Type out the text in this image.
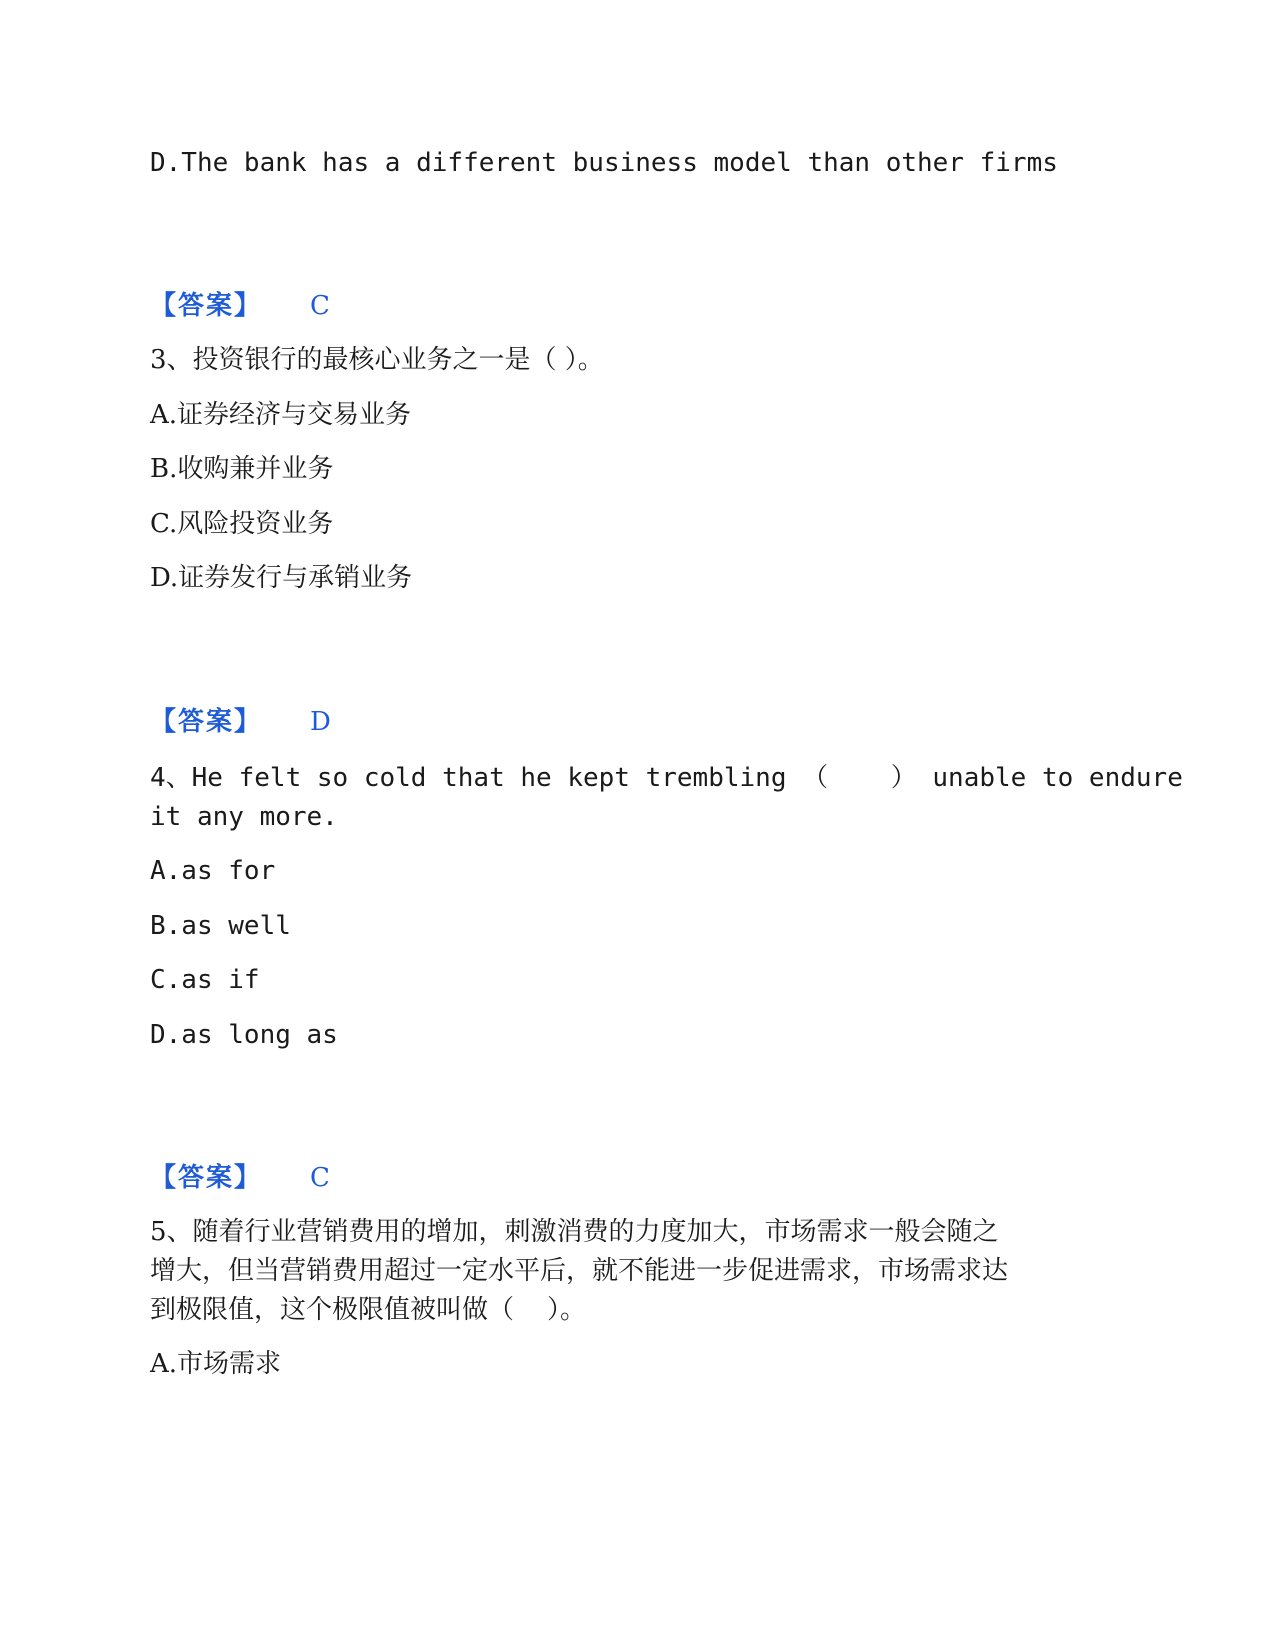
D.The bank has a different business model than other firms

【答案】 C

3、投资银行的最核心业务之一是（ ）。

A.证券经济与交易业务

B.收购兼并业务

C.风险投资业务

D.证券发行与承销业务

【答案】 D

4、He felt so cold that he kept trembling （    ） unable to endure

it any more.

A.as for

B.as well

C.as if

D.as long as

【答案】 C

5、随着行业营销费用的增加，刺激消费的力度加大，市场需求一般会随之

增大，但当营销费用超过一定水平后，就不能进一步促进需求，市场需求达

到极限值，这个极限值被叫做（    ）。

A.市场需求
